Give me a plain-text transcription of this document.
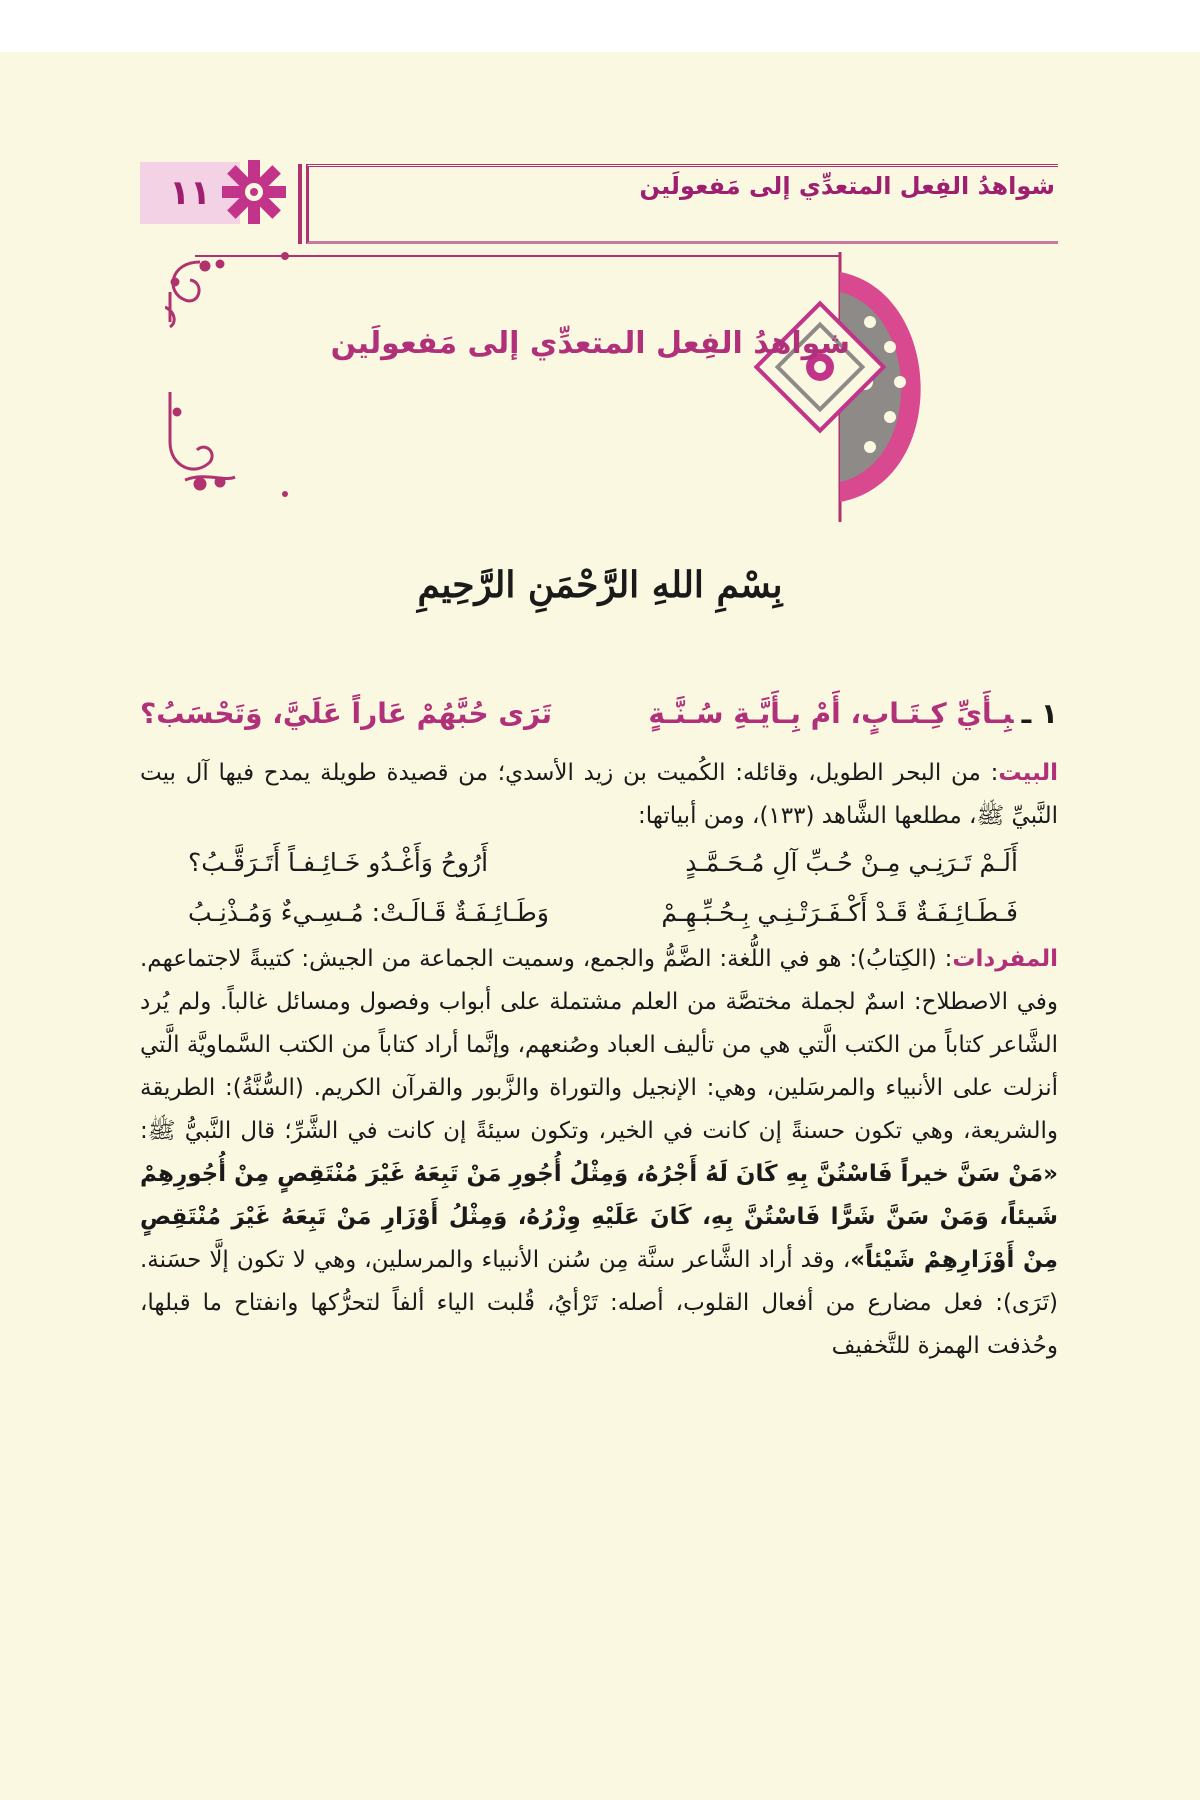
١١	شواهدُ الفِعل المتعدِّي إلى مَفعولَين
شواهدُ الفِعل المتعدِّي إلى مَفعولَين
بِسْمِ اللهِ الرَّحْمَنِ الرَّحِيمِ
١ ـبِـأَيِّ كِـتَـابٍ، أَمْ بِـأَيَّـةِ سُـنَّـةٍ
تَرَى حُبَّهُمْ عَاراً عَلَيَّ، وَتَحْسَبُ؟

البيت: من البحر الطويل، وقائله: الكُميت بن زيد الأسدي؛ من قصيدة طويلة يمدح فيها آل بيت النَّبيِّ ﷺ، مطلعها الشَّاهد (١٣٣)، ومن أبياتها:

أَلَـمْ تَـرَنِـي مِـنْ حُـبِّ آلِ مُـحَـمَّـدٍ
أَرُوحُ وَأَغْـدُو خَـائِـفـاً أَتَـرَقَّـبُ؟
فَـطَـائِـفَـةٌ قَـدْ أَكْـفَـرَتْـنِـي بِـحُـبِّـهِـمْ
وَطَـائِـفَـةٌ قَـالَـتْ: مُـسِـيءٌ وَمُـذْنِـبُ

المفردات: (الكِتابُ): هو في اللُّغة: الضَّمُّ والجمع، وسميت الجماعة من الجيش: كتيبةً لاجتماعهم. وفي الاصطلاح: اسمٌ لجملة مختصَّة من العلم مشتملة على أبواب وفصول ومسائل غالباً. ولم يُرد الشَّاعر كتاباً من الكتب الَّتي هي من تأليف العباد وصُنعهم، وإنَّما أراد كتاباً من الكتب السَّماويَّة الَّتي أنزلت على الأنبياء والمرسَلين، وهي: الإنجيل والتوراة والزَّبور والقرآن الكريم. (السُّنَّةُ): الطريقة والشريعة، وهي تكون حسنةً إن كانت في الخير، وتكون سيئةً إن كانت في الشَّرِّ؛ قال النَّبيُّ ﷺ: «مَنْ سَنَّ خيراً فَاسْتُنَّ بِهِ كَانَ لَهُ أَجْرُهُ، وَمِثْلُ أُجُورِ مَنْ تَبِعَهُ غَيْرَ مُنْتَقِصٍ مِنْ أُجُورِهِمْ شَيئاً، وَمَنْ سَنَّ شَرًّا فَاسْتُنَّ بِهِ، كَانَ عَلَيْهِ وِزْرُهُ، وَمِثْلُ أَوْزَارِ مَنْ تَبِعَهُ غَيْرَ مُنْتَقِصٍ مِنْ أَوْزَارِهِمْ شَيْئاً»، وقد أراد الشَّاعر سنَّة مِن سُنن الأنبياء والمرسلين، وهي لا تكون إلَّا حسَنة. (تَرَى): فعل مضارع من أفعال القلوب، أصله: تَرْأيُ، قُلبت الياء ألفاً لتحرُّكها وانفتاح ما قبلها، وحُذفت الهمزة للتَّخفيف
